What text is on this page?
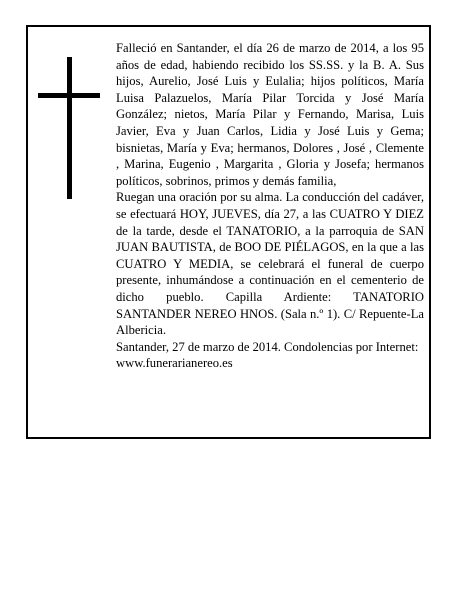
Falleció en Santander, el día 26 de marzo de 2014, a los 95 años de edad, habiendo recibido los SS.SS. y la B. A. Sus hijos, Aurelio, José Luis y Eulalia; hijos políticos, María Luisa Palazuelos, María Pilar Torcida y José María González; nietos, María Pilar y Fernando, Marisa, Luis Javier, Eva y Juan Carlos, Lidia y José Luis y Gema; bisnietas, María y Eva; hermanos, Dolores , José , Clemente , Marina, Eugenio , Margarita , Gloria y Josefa; hermanos políticos, sobrinos, primos y demás familia,

Ruegan una oración por su alma. La conducción del cadáver, se efectuará HOY, JUEVES, día 27, a las CUATRO Y DIEZ de la tarde, desde el TANATORIO, a la parroquia de SAN JUAN BAUTISTA, de BOO DE PIÉLAGOS, en la que a las CUATRO Y MEDIA, se celebrará el funeral de cuerpo presente, inhumándose a continuación en el cementerio de dicho pueblo. Capilla Ardiente: TANATORIO SANTANDER NEREO HNOS. (Sala n.º 1). C/ Repuente-La Albericia.

Santander, 27 de marzo de 2014. Condolencias por Internet: www.funerarianereo.es
